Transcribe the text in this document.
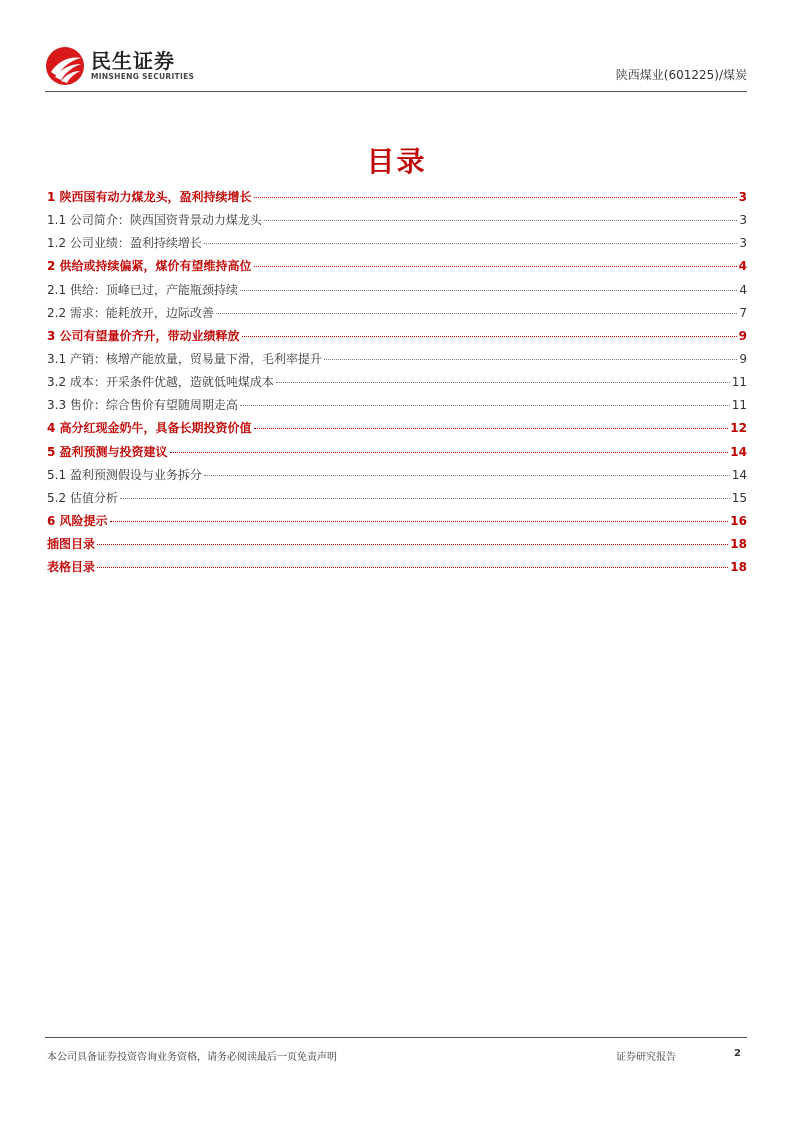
民生证券
MINSHENG SECURITIES	陕西煤业(601225)/煤炭
目录
1 陕西国有动力煤龙头，盈利持续增长	3
1.1 公司简介：陕西国资背景动力煤龙头	3
1.2 公司业绩：盈利持续增长	3
2 供给或持续偏紧，煤价有望维持高位	4
2.1 供给：顶峰已过，产能瓶颈持续	4
2.2 需求：能耗放开，边际改善	7
3 公司有望量价齐升，带动业绩释放	9
3.1 产销：核增产能放量，贸易量下滑，毛利率提升	9
3.2 成本：开采条件优越，造就低吨煤成本	11
3.3 售价：综合售价有望随周期走高	11
4 高分红现金奶牛，具备长期投资价值	12
5 盈利预测与投资建议	14
5.1 盈利预测假设与业务拆分	14
5.2 估值分析	15
6 风险提示	16
插图目录	18
表格目录	18
本公司具备证券投资咨询业务资格，请务必阅读最后一页免责声明	证券研究报告	2
